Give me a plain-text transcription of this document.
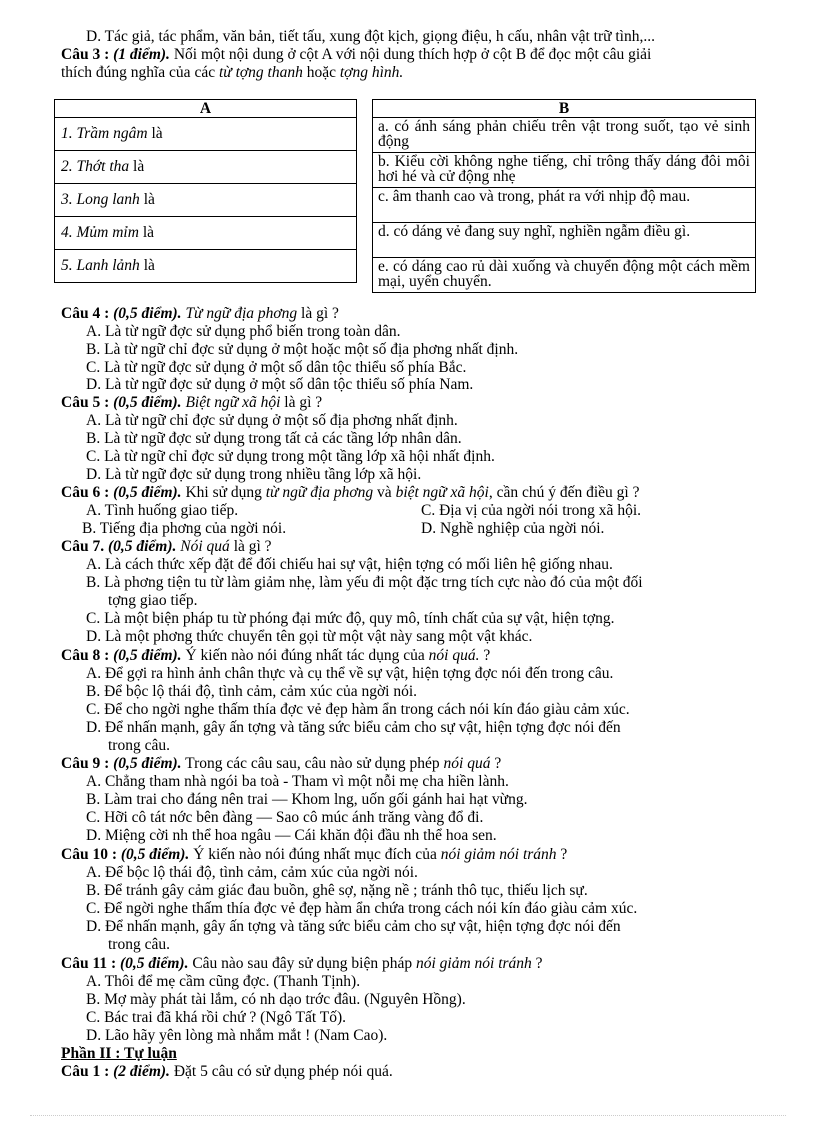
D. Tác giả, tác phẩm, văn bản, tiết tấu, xung đột kịch, giọng điệu, h cấu, nhân vật trữ tình,...
Câu 3 : (1 điểm). Nối một nội dung ở cột A với nội dung thích hợp ở cột B để đọc một câu giải
thích đúng nghĩa của các từ tợng thanh hoặc tợng hình.
A
1. Trầm ngâm là
2. Thớt tha là
3. Long lanh là
4. Mủm mỉm là
5. Lanh lảnh là
B
a. có ánh sáng phản chiếu trên vật trong suốt, tạo vẻ sinh động
b. Kiểu cời không nghe tiếng, chỉ trông thấy dáng đôi môi hơi hé và cử động nhẹ
c. âm thanh cao và trong, phát ra với nhịp độ mau.
d. có dáng vẻ đang suy nghĩ, nghiền ngẫm điều gì.
e. có dáng cao rủ dài xuống và chuyển động một cách mềm mại, uyển chuyển.
Câu 4 : (0,5 điểm). Từ ngữ địa phơng là gì ?
A. Là từ ngữ đợc sử dụng phổ biến trong toàn dân.
B. Là từ ngữ chỉ đợc sử dụng ở một hoặc một số địa phơng nhất định.
C. Là từ ngữ đợc sử dụng ở một số dân tộc thiểu số phía Bắc.
D. Là từ ngữ đợc sử dụng ở một số dân tộc thiểu số phía Nam.
Câu 5 : (0,5 điểm). Biệt ngữ xã hội là gì ?
A. Là từ ngữ chỉ đợc sử dụng ở một số địa phơng nhất định.
B. Là từ ngữ đợc sử dụng trong tất cả các tầng lớp nhân dân.
C. Là từ ngữ chỉ đợc sử dụng trong một tầng lớp xã hội nhất định.
D. Là từ ngữ đợc sử dụng trong nhiều tầng lớp xã hội.
Câu 6 : (0,5 điểm). Khi sử dụng từ ngữ địa phơng và biệt ngữ xã hội, cần chú ý đến điều gì ?
A. Tình huống giao tiếp.	C. Địa vị của ngời nói trong xã hội.
B. Tiếng địa phơng của ngời nói.	D. Nghề nghiệp của ngời nói.
Câu 7. (0,5 điểm). Nói quá là gì ?
A. Là cách thức xếp đặt để đối chiếu hai sự vật, hiện tợng có mối liên hệ giống nhau.
B. Là phơng tiện tu từ làm giảm nhẹ, làm yếu đi một đặc trng tích cực nào đó của một đối
tợng giao tiếp.
C. Là một biện pháp tu từ phóng đại mức độ, quy mô, tính chất của sự vật, hiện tợng.
D. Là một phơng thức chuyển tên gọi từ một vật này sang một vật khác.
Câu 8 : (0,5 điểm). Ý kiến nào nói đúng nhất tác dụng của nói quá. ?
A. Để gợi ra hình ảnh chân thực và cụ thể về sự vật, hiện tợng đợc nói đến trong câu.
B. Để bộc lộ thái độ, tình cảm, cảm xúc của ngời nói.
C. Để cho ngời nghe thấm thía đợc vẻ đẹp hàm ẩn trong cách nói kín đáo giàu cảm xúc.
D. Để nhấn mạnh, gây ấn tợng và tăng sức biểu cảm cho sự vật, hiện tợng đợc nói đến
trong câu.
Câu 9 : (0,5 điểm). Trong các câu sau, câu nào sử dụng phép nói quá ?
A. Chẳng tham nhà ngói ba toà - Tham vì một nỗi mẹ cha hiền lành.
B. Làm trai cho đáng nên trai — Khom lng, uốn gối gánh hai hạt vừng.
C. Hỡi cô tát nớc bên đàng — Sao cô múc ánh trăng vàng đổ đi.
D. Miệng cời nh thể hoa ngâu — Cái khăn đội đầu nh thể hoa sen.
Câu 10 : (0,5 điểm). Ý kiến nào nói đúng nhất mục đích của nói giảm nói tránh ?
A. Để bộc lộ thái độ, tình cảm, cảm xúc của ngời nói.
B. Để tránh gây cảm giác đau buồn, ghê sợ, nặng nề ; tránh thô tục, thiếu lịch sự.
C. Để ngời nghe thấm thía đợc vẻ đẹp hàm ẩn chứa trong cách nói kín đáo giàu cảm xúc.
D. Để nhấn mạnh, gây ấn tợng và tăng sức biểu cảm cho sự vật, hiện tợng đợc nói đến
trong câu.
Câu 11 : (0,5 điểm). Câu nào sau đây sử dụng biện pháp nói giảm nói tránh ?
A. Thôi để mẹ cầm cũng đợc. (Thanh Tịnh).
B. Mợ mày phát tài lắm, có nh dạo trớc đâu. (Nguyên Hồng).
C. Bác trai đã khá rồi chứ ? (Ngô Tất Tố).
D. Lão hãy yên lòng mà nhắm mắt ! (Nam Cao).
Phần II : Tự luận
Câu 1 : (2 điểm). Đặt 5 câu có sử dụng phép nói quá.
